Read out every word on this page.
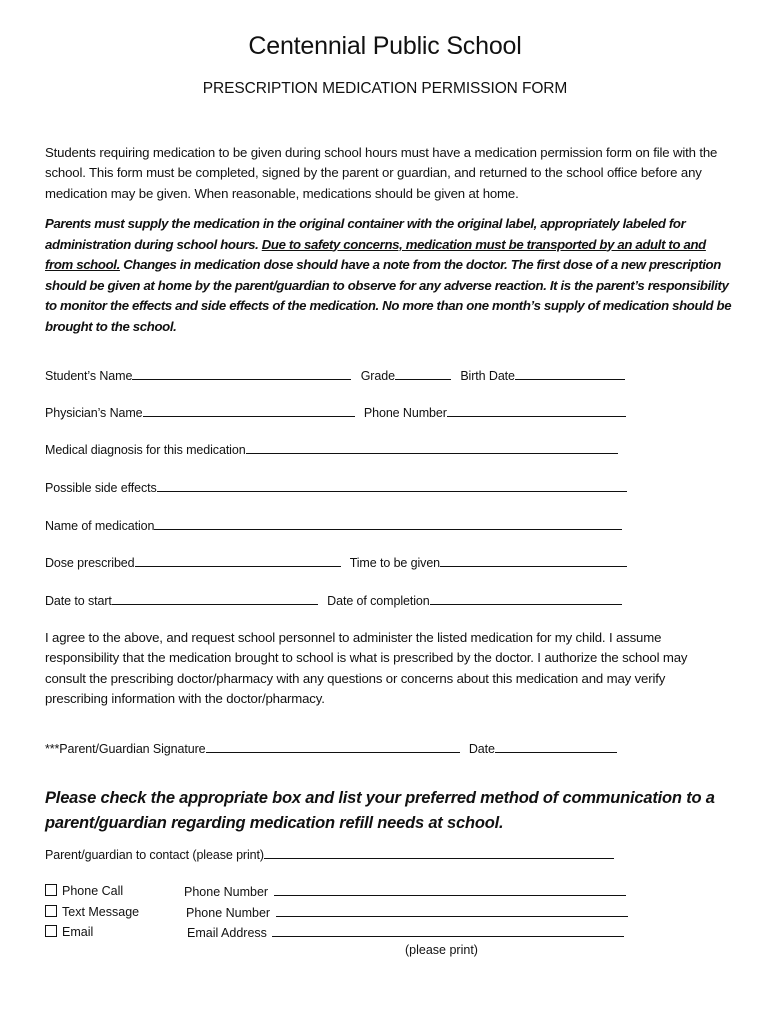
Centennial Public School
PRESCRIPTION MEDICATION PERMISSION FORM
Students requiring medication to be given during school hours must have a medication permission form on file with the school. This form must be completed, signed by the parent or guardian, and returned to the school office before any medication may be given. When reasonable, medications should be given at home.
Parents must supply the medication in the original container with the original label, appropriately labeled for administration during school hours. Due to safety concerns, medication must be transported by an adult to and from school. Changes in medication dose should have a note from the doctor. The first dose of a new prescription should be given at home by the parent/guardian to observe for any adverse reaction. It is the parent’s responsibility to monitor the effects and side effects of the medication. No more than one month’s supply of medication should be brought to the school.
Student’s Name	Grade	Birth Date
Physician’s Name	Phone Number
Medical diagnosis for this medication
Possible side effects
Name of medication
Dose prescribed	Time to be given
Date to start	Date of completion
I agree to the above, and request school personnel to administer the listed medication for my child. I assume responsibility that the medication brought to school is what is prescribed by the doctor. I authorize the school may consult the prescribing doctor/pharmacy with any questions or concerns about this medication and may verify prescribing information with the doctor/pharmacy.
***Parent/Guardian Signature	Date
Please check the appropriate box and list your preferred method of communication to a parent/guardian regarding medication refill needs at school.
Parent/guardian to contact (please print)
Phone Call	Phone Number
Text Message	Phone Number
Email	Email Address
(please print)
